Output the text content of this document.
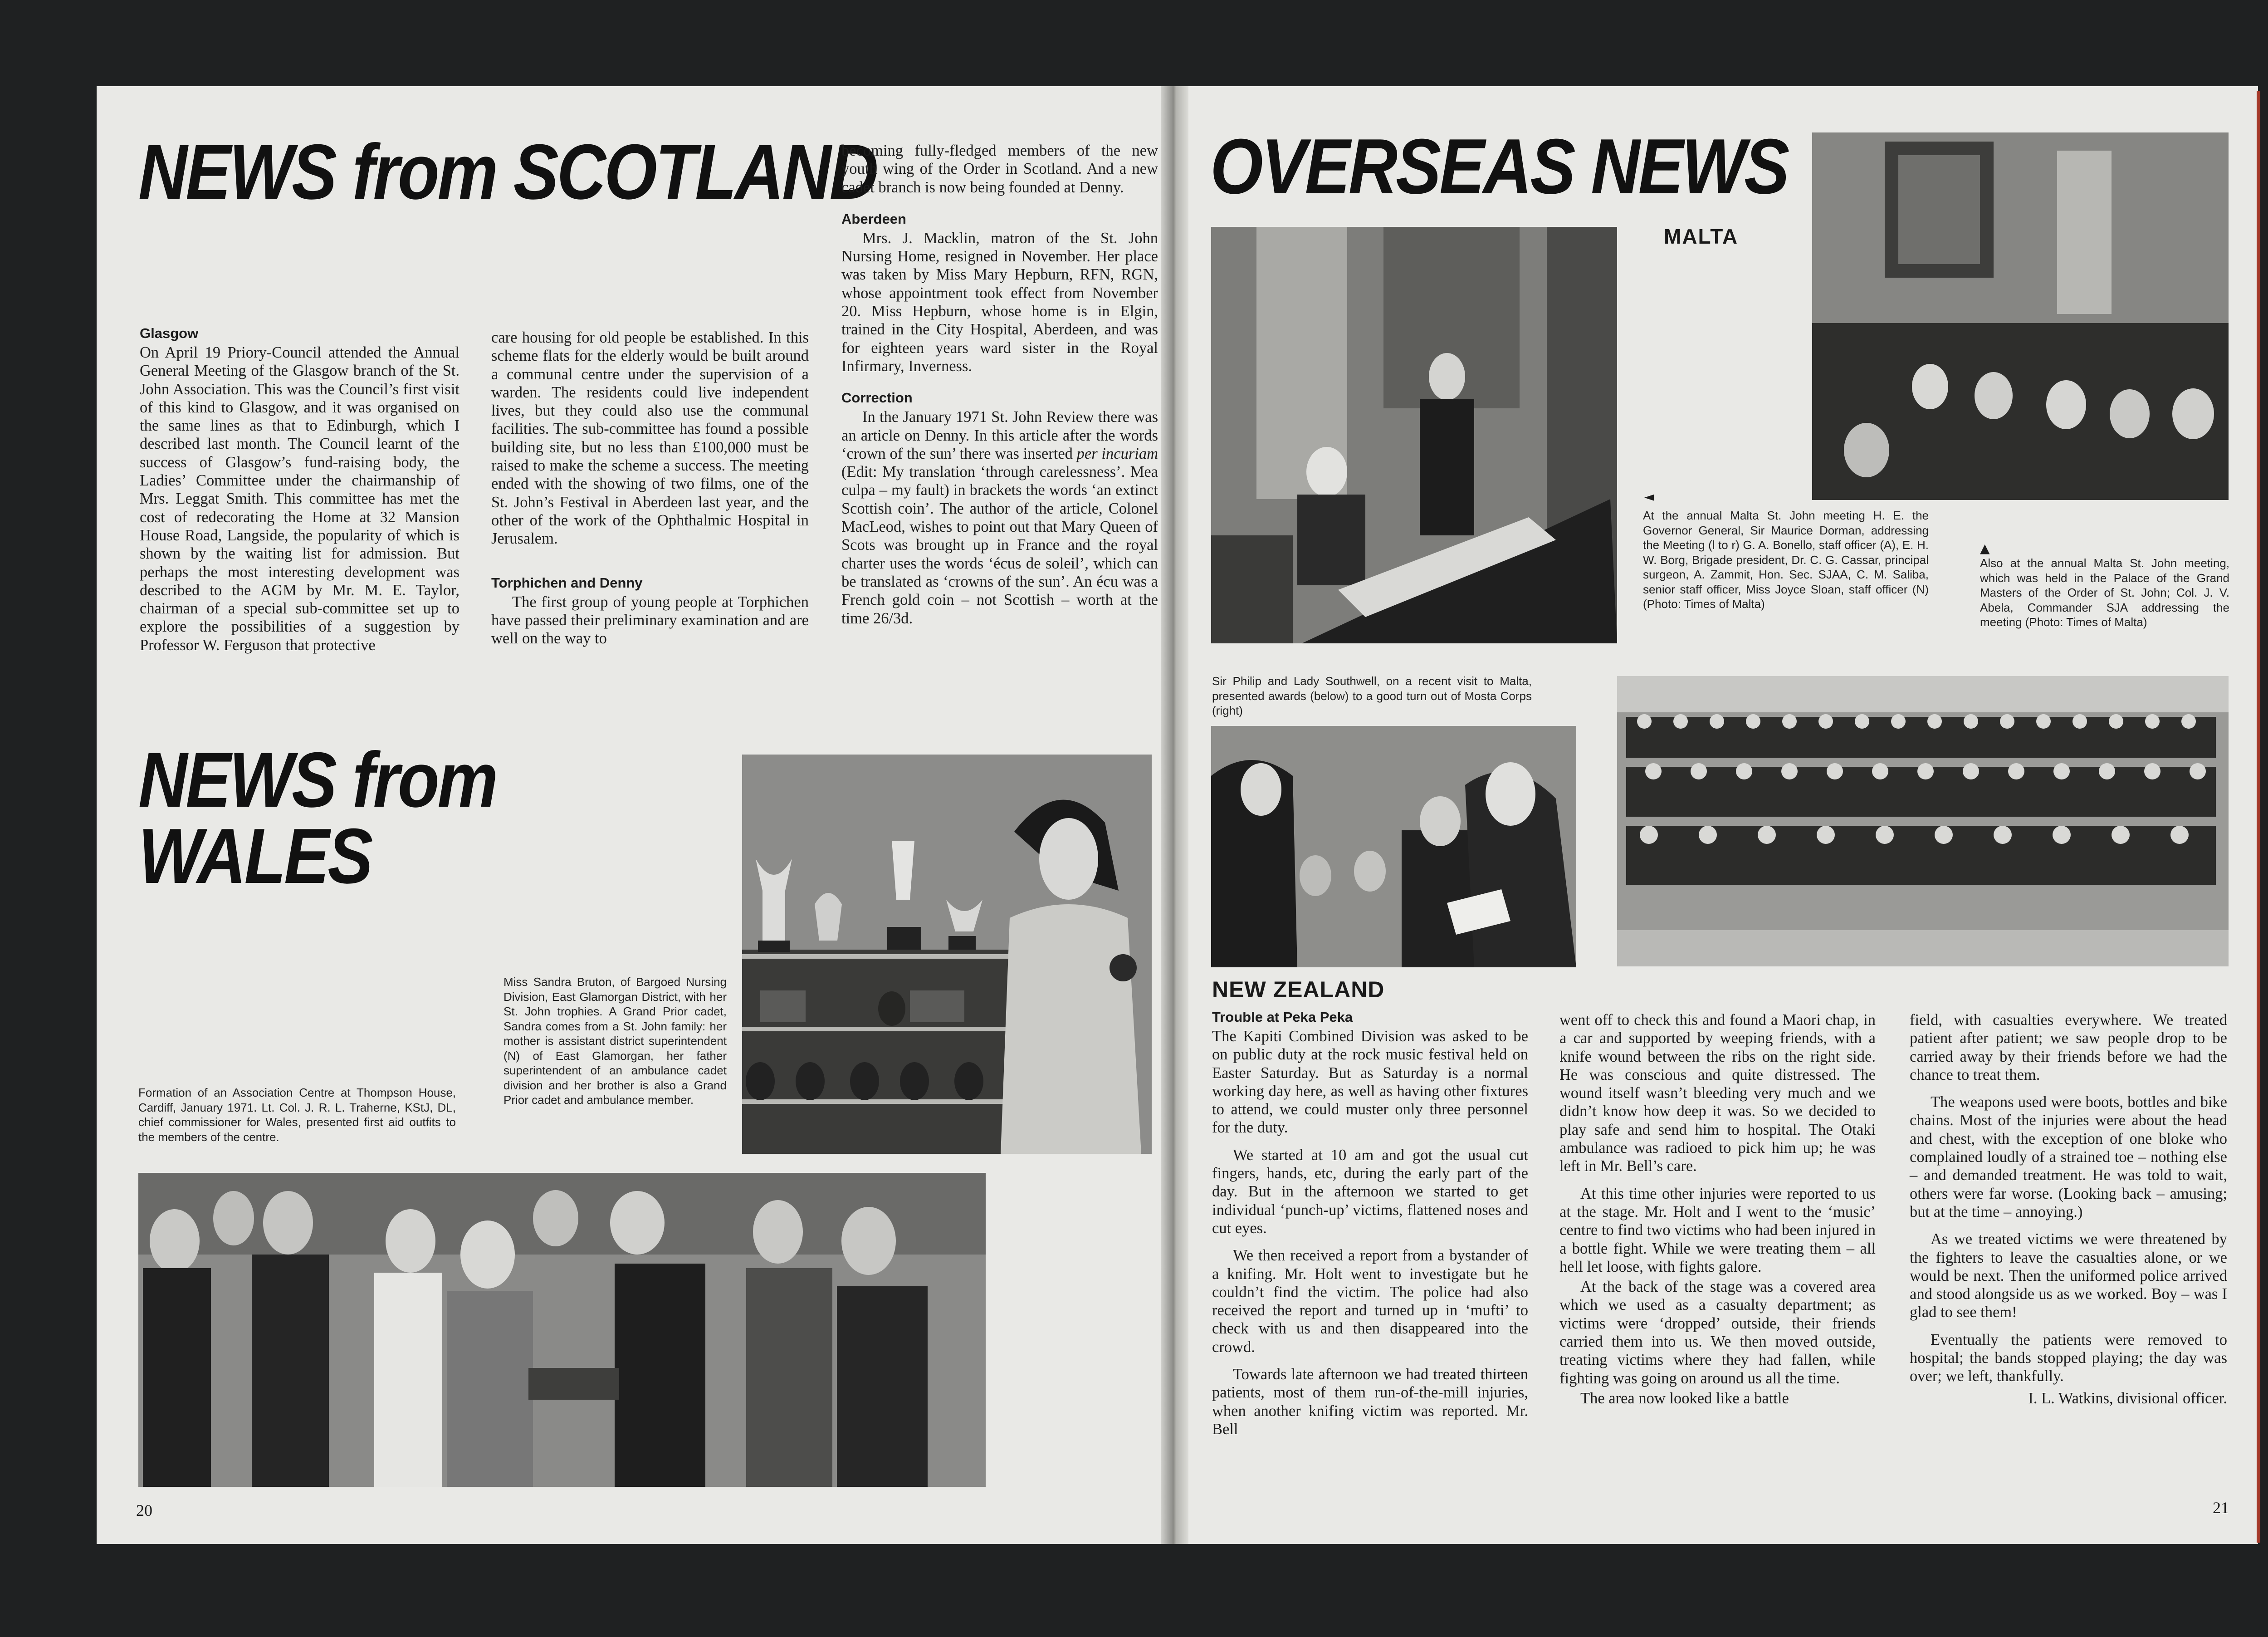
NEWS from SCOTLAND
Glasgow

On April 19 Priory-Council attended the Annual General Meeting of the Glasgow branch of the St. John Association. This was the Council’s first visit of this kind to Glasgow, and it was organised on the same lines as that to Edinburgh, which I described last month. The Council learnt of the success of Glasgow’s fund-raising body, the Ladies’ Committee under the chairmanship of Mrs. Leggat Smith. This committee has met the cost of redecorating the Home at 32 Mansion House Road, Langside, the popularity of which is shown by the waiting list for admission. But perhaps the most interesting development was described to the AGM by Mr. M. E. Taylor, chairman of a special sub-committee set up to explore the possibilities of a suggestion by Professor W. Ferguson that protective

care housing for old people be established. In this scheme flats for the elderly would be built around a communal centre under the supervision of a warden. The residents could live independent lives, but they could also use the communal facilities. The sub-committee has found a possible building site, but no less than £100,000 must be raised to make the scheme a success. The meeting ended with the showing of two films, one of the St. John’s Festival in Aberdeen last year, and the other of the work of the Ophthalmic Hospital in Jerusalem.

Torphichen and Denny

The first group of young people at Torphichen have passed their preliminary examination and are well on the way to

becoming fully-fledged members of the new youth wing of the Order in Scotland. And a new cadet branch is now being founded at Denny.

Aberdeen

Mrs. J. Macklin, matron of the St. John Nursing Home, resigned in November. Her place was taken by Miss Mary Hepburn, RFN, RGN, whose appointment took effect from November 20. Miss Hepburn, whose home is in Elgin, trained in the City Hospital, Aberdeen, and was for eighteen years ward sister in the Royal Infirmary, Inverness.

Correction

In the January 1971 St. John Review there was an article on Denny. In this article after the words ‘crown of the sun’ there was inserted per incuriam (Edit: My translation ‘through carelessness’. Mea culpa – my fault) in brackets the words ‘an extinct Scottish coin’. The author of the article, Colonel MacLeod, wishes to point out that Mary Queen of Scots was brought up in France and the royal charter uses the words ‘écus de soleil’, which can be translated as ‘crowns of the sun’. An écu was a French gold coin – not Scottish – worth at the time 26/3d.

NEWS from
WALES
Miss Sandra Bruton, of Bargoed Nursing Division, East Glamorgan District, with her St. John trophies. A Grand Prior cadet, Sandra comes from a St. John family: her mother is assistant district superintendent (N) of East Glamorgan, her father superintendent of an ambulance cadet division and her brother is also a Grand Prior cadet and ambulance member.
Formation of an Association Centre at Thompson House, Cardiff, January 1971. Lt. Col. J. R. L. Traherne, KStJ, DL, chief commissioner for Wales, presented first aid outfits to the members of the centre.
20
OVERSEAS NEWS
MALTA
◄
At the annual Malta St. John meeting H. E. the Governor General, Sir Maurice Dorman, addressing the Meeting (l to r) G. A. Bonello, staff officer (A), E. H. W. Borg, Brigade president, Dr. C. G. Cassar, principal surgeon, A. Zammit, Hon. Sec. SJAA, C. M. Saliba, senior staff officer, Miss Joyce Sloan, staff officer (N) (Photo: Times of Malta)
▲
Also at the annual Malta St. John meeting, which was held in the Palace of the Grand Masters of the Order of St. John; Col. J. V. Abela, Commander SJA addressing the meeting (Photo: Times of Malta)
Sir Philip and Lady Southwell, on a recent visit to Malta, presented awards (below) to a good turn out of Mosta Corps (right)
NEW ZEALAND
Trouble at Peka Peka

The Kapiti Combined Division was asked to be on public duty at the rock music festival held on Easter Saturday. But as Saturday is a normal working day here, as well as having other fixtures to attend, we could muster only three personnel for the duty.

We started at 10 am and got the usual cut fingers, hands, etc, during the early part of the day. But in the afternoon we started to get individual ‘punch-up’ victims, flattened noses and cut eyes.

We then received a report from a bystander of a knifing. Mr. Holt went to investigate but he couldn’t find the victim. The police had also received the report and turned up in ‘mufti’ to check with us and then disappeared into the crowd.

Towards late afternoon we had treated thirteen patients, most of them run-of-the-mill injuries, when another knifing victim was reported. Mr. Bell

went off to check this and found a Maori chap, in a car and supported by weeping friends, with a knife wound between the ribs on the right side. He was conscious and quite distressed. The wound itself wasn’t bleeding very much and we didn’t know how deep it was. So we decided to play safe and send him to hospital. The Otaki ambulance was radioed to pick him up; he was left in Mr. Bell’s care.

At this time other injuries were reported to us at the stage. Mr. Holt and I went to the ‘music’ centre to find two victims who had been injured in a bottle fight. While we were treating them – all hell let loose, with fights galore.

At the back of the stage was a covered area which we used as a casualty department; as victims were ‘dropped’ outside, their friends carried them into us. We then moved outside, treating victims where they had fallen, while fighting was going on around us all the time.

The area now looked like a battle

field, with casualties everywhere. We treated patient after patient; we saw people drop to be carried away by their friends before we had the chance to treat them.

The weapons used were boots, bottles and bike chains. Most of the injuries were about the head and chest, with the exception of one bloke who complained loudly of a strained toe – nothing else – and demanded treatment. He was told to wait, others were far worse. (Looking back – amusing; but at the time – annoying.)

As we treated victims we were threatened by the fighters to leave the casualties alone, or we would be next. Then the uniformed police arrived and stood alongside us as we worked. Boy – was I glad to see them!

Eventually the patients were removed to hospital; the bands stopped playing; the day was over; we left, thankfully.

I. L. Watkins, divisional officer.
21
